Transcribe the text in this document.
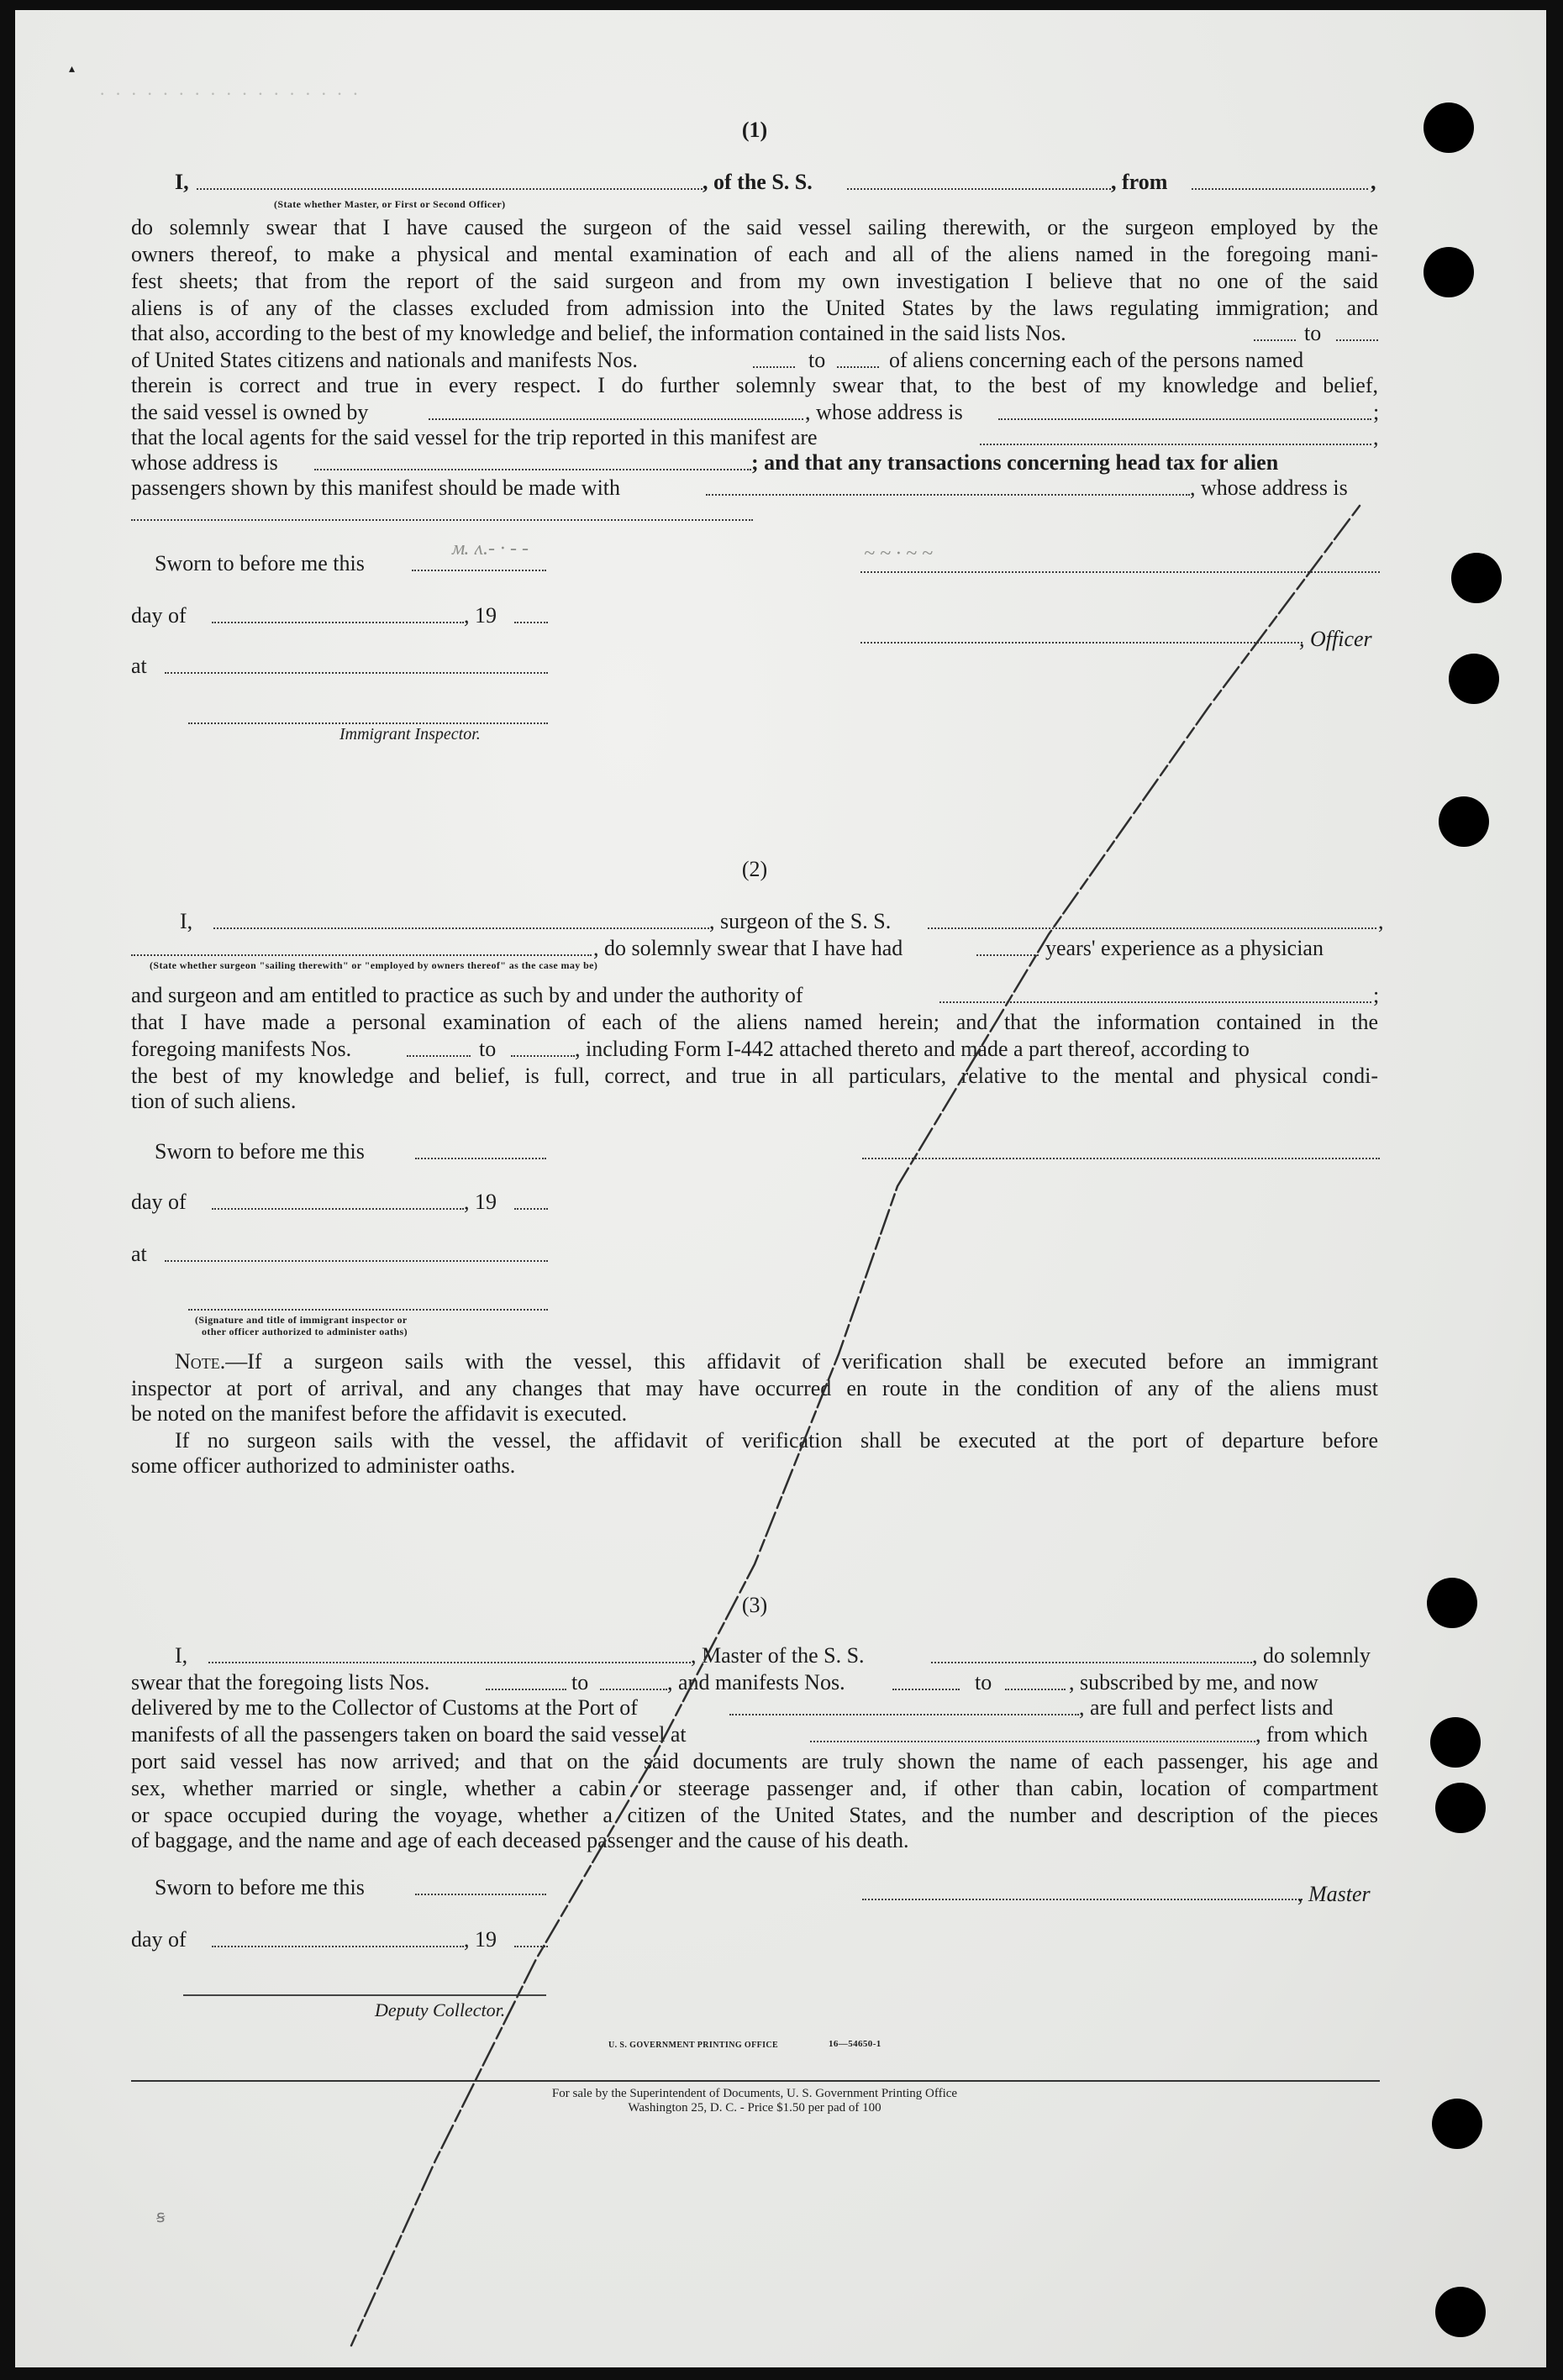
· · · · · · · · · · · · · · · · ·
ᴍ. ʌ.‐ · ‐ ‐	~ ~ · ~ ~
(1)
I,	, of the S. S.	, from	,
(State whether Master, or First or Second Officer)
do solemnly swear that I have caused the surgeon of the said vessel sailing therewith, or the surgeon employed by the
owners thereof, to make a physical and mental examination of each and all of the aliens named in the foregoing mani-
fest sheets; that from the report of the said surgeon and from my own investigation I believe that no one of the said
aliens is of any of the classes excluded from admission into the United States by the laws regulating immigration; and
that also, according to the best of my knowledge and belief, the information contained in the said lists Nos.	to
of United States citizens and nationals and manifests Nos.	to	of aliens concerning each of the persons named
therein is correct and true in every respect. I do further solemnly swear that, to the best of my knowledge and belief,
the said vessel is owned by	, whose address is	;
that the local agents for the said vessel for the trip reported in this manifest are	,
whose address is	; and that any transactions concerning head tax for alien
passengers shown by this manifest should be made with	, whose address is
Sworn to before me this
day of	, 19
, Officer
at
Immigrant Inspector.
(2)
I,	, surgeon of the S. S.	,
, do solemnly swear that I have had	years' experience as a physician
(State whether surgeon "sailing therewith" or "employed by owners thereof" as the case may be)
and surgeon and am entitled to practice as such by and under the authority of	;
that I have made a personal examination of each of the aliens named herein; and that the information contained in the
foregoing manifests Nos.	to	, including Form I-442 attached thereto and made a part thereof, according to
the best of my knowledge and belief, is full, correct, and true in all particulars, relative to the mental and physical condi-
tion of such aliens.
Sworn to before me this
day of	, 19
at
(Signature and title of immigrant inspector or
other officer authorized to administer oaths)
Note. —If a surgeon sails with the vessel, this affidavit of verification shall be executed before an immigrant
inspector at port of arrival, and any changes that may have occurred en route in the condition of any of the aliens must
be noted on the manifest before the affidavit is executed.
If no surgeon sails with the vessel, the affidavit of verification shall be executed at the port of departure before
some officer authorized to administer oaths.
(3)
I,	, Master of the S. S.	, do solemnly
swear that the foregoing lists Nos.	to	, and manifests Nos.	to	, subscribed by me, and now
delivered by me to the Collector of Customs at the Port of	, are full and perfect lists and
manifests of all the passengers taken on board the said vessel at	, from which
port said vessel has now arrived; and that on the said documents are truly shown the name of each passenger, his age and
sex, whether married or single, whether a cabin or steerage passenger and, if other than cabin, location of compartment
or space occupied during the voyage, whether a citizen of the United States, and the number and description of the pieces
of baggage, and the name and age of each deceased passenger and the cause of his death.
Sworn to before me this	, Master
day of	, 19
Deputy Collector.
U. S. GOVERNMENT PRINTING OFFICE	16—54650-1
For sale by the Superintendent of Documents, U. S. Government Printing Office
Washington 25, D. C. - Price $1.50 per pad of 100
▴
ꞩ
